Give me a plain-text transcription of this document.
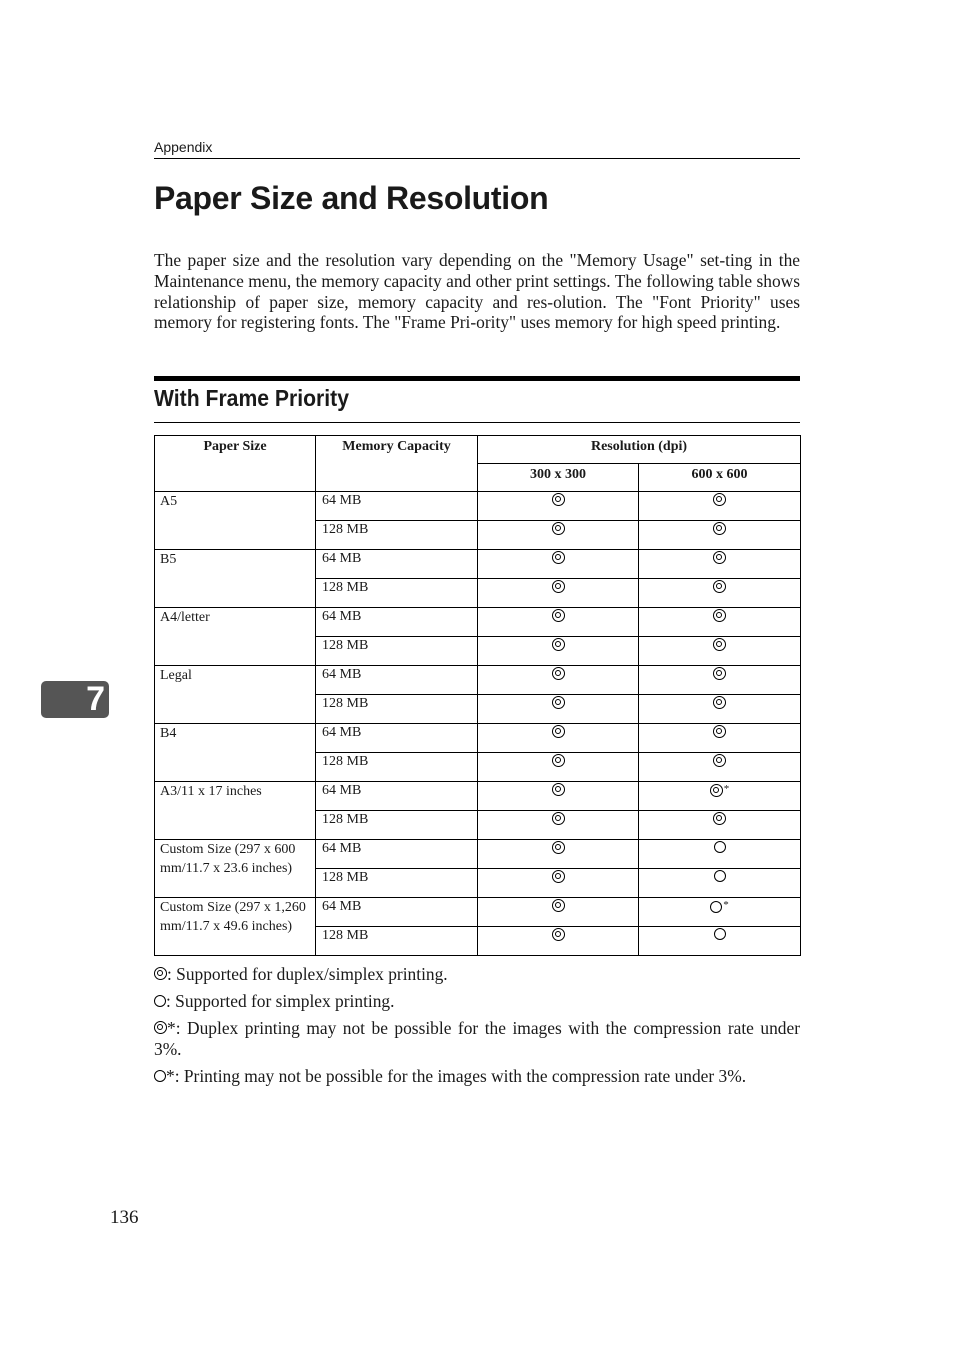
Appendix
Paper Size and Resolution

The paper size and the resolution vary depending on the "Memory Usage" set-ting in the Maintenance menu, the memory capacity and other print settings. The following table shows relationship of paper size, memory capacity and res-olution. The "Font Priority" uses memory for registering fonts. The "Frame Pri-ority" uses memory for high speed printing.

With Frame Priority
Paper Size	Memory Capacity	Resolution (dpi)	
		300 x 300	600 x 600
A5	64 MB		
	128 MB		
B5	64 MB		
	128 MB		
A4/letter	64 MB		
	128 MB		
Legal	64 MB		
	128 MB		
B4	64 MB		
	128 MB		
A3/11 x 17 inches	64 MB		*
	128 MB		
Custom Size (297 x 600 mm/11.7 x 23.6 inches)	64 MB		
	128 MB		
Custom Size (297 x 1,260 mm/11.7 x 49.6 inches)	64 MB		*
	128 MB		

: Supported for duplex/simplex printing.

: Supported for simplex printing.

*: Duplex printing may not be possible for the images with the compression rate under 3%.

*: Printing may not be possible for the images with the compression rate under 3%.

7
136
